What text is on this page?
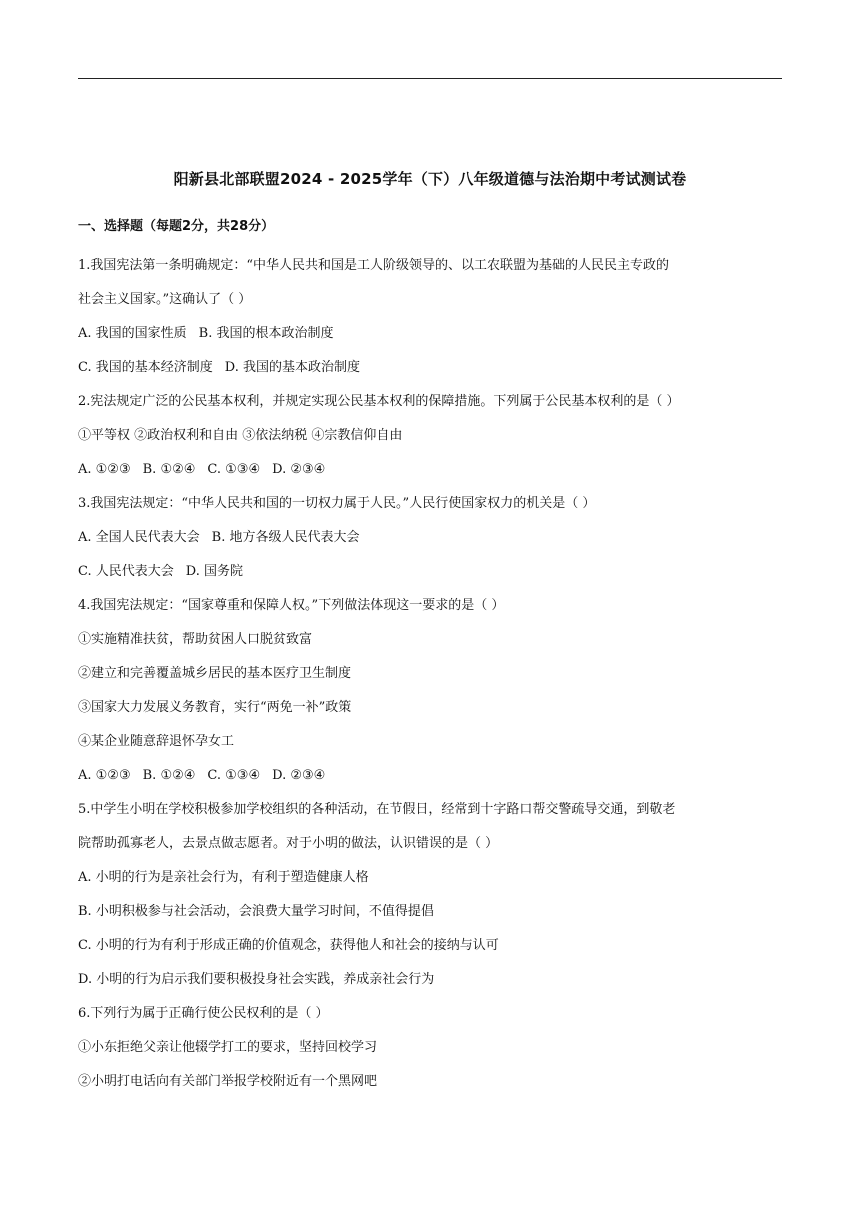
阳新县北部联盟2024 - 2025学年（下）八年级道德与法治期中考试测试卷
一、选择题（每题2分，共28分）
1.我国宪法第一条明确规定：“中华人民共和国是工人阶级领导的、以工农联盟为基础的人民民主专政的
社会主义国家。”这确认了（ ）
A. 我国的国家性质 B. 我国的根本政治制度
C. 我国的基本经济制度 D. 我国的基本政治制度
2.宪法规定广泛的公民基本权利，并规定实现公民基本权利的保障措施。下列属于公民基本权利的是（ ）
①平等权 ②政治权利和自由 ③依法纳税 ④宗教信仰自由
A. ①②③ B. ①②④ C. ①③④ D. ②③④
3.我国宪法规定：“中华人民共和国的一切权力属于人民。”人民行使国家权力的机关是（ ）
A. 全国人民代表大会 B. 地方各级人民代表大会
C. 人民代表大会 D. 国务院
4.我国宪法规定：“国家尊重和保障人权。”下列做法体现这一要求的是（ ）
①实施精准扶贫，帮助贫困人口脱贫致富
②建立和完善覆盖城乡居民的基本医疗卫生制度
③国家大力发展义务教育，实行“两免一补”政策
④某企业随意辞退怀孕女工
A. ①②③ B. ①②④ C. ①③④ D. ②③④
5.中学生小明在学校积极参加学校组织的各种活动，在节假日，经常到十字路口帮交警疏导交通，到敬老
院帮助孤寡老人，去景点做志愿者。对于小明的做法，认识错误的是（ ）
A. 小明的行为是亲社会行为，有利于塑造健康人格
B. 小明积极参与社会活动，会浪费大量学习时间，不值得提倡
C. 小明的行为有利于形成正确的价值观念，获得他人和社会的接纳与认可
D. 小明的行为启示我们要积极投身社会实践，养成亲社会行为
6.下列行为属于正确行使公民权利的是（ ）
①小东拒绝父亲让他辍学打工的要求，坚持回校学习
②小明打电话向有关部门举报学校附近有一个黑网吧
